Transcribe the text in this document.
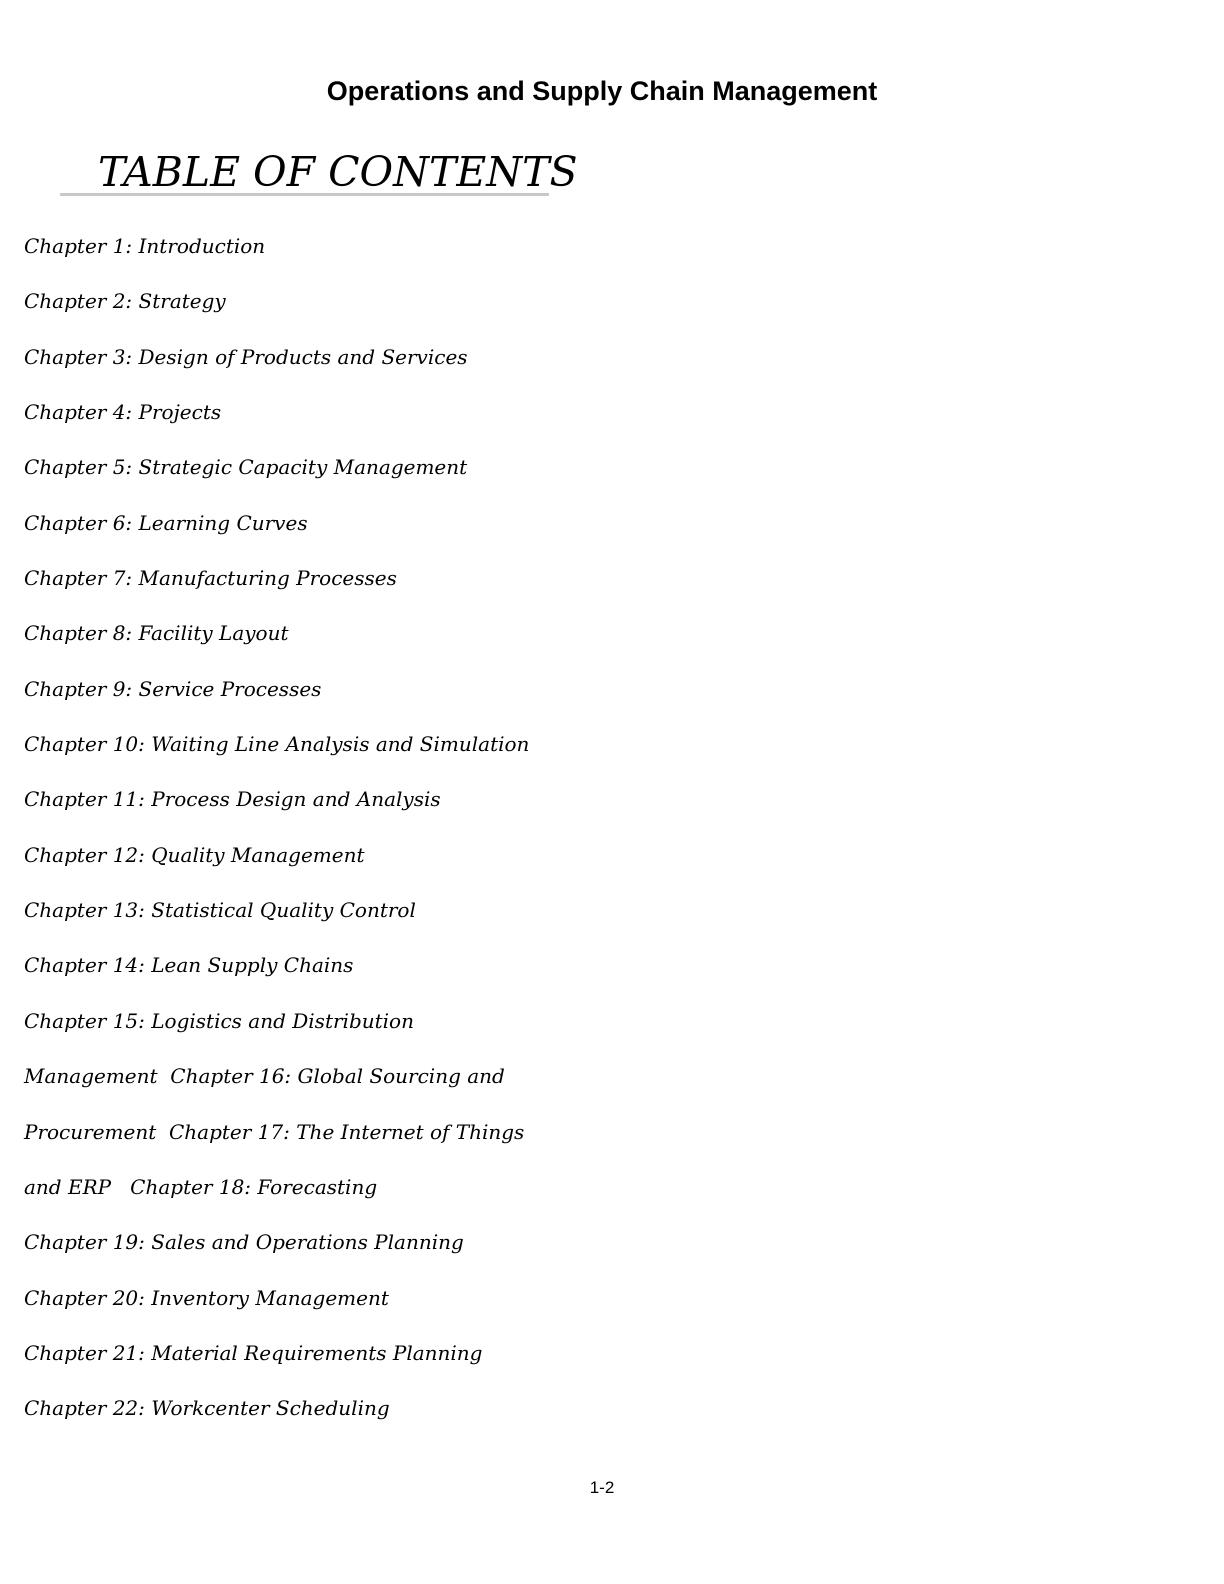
Operations and Supply Chain Management
TABLE OF CONTENTS
Chapter 1: Introduction
Chapter 2: Strategy
Chapter 3: Design of Products and Services
Chapter 4: Projects
Chapter 5: Strategic Capacity Management
Chapter 6: Learning Curves
Chapter 7: Manufacturing Processes
Chapter 8: Facility Layout
Chapter 9: Service Processes
Chapter 10: Waiting Line Analysis and Simulation
Chapter 11: Process Design and Analysis
Chapter 12: Quality Management
Chapter 13: Statistical Quality Control
Chapter 14: Lean Supply Chains
Chapter 15: Logistics and Distribution
Management  Chapter 16: Global Sourcing and
Procurement  Chapter 17: The Internet of Things
and ERP   Chapter 18: Forecasting
Chapter 19: Sales and Operations Planning
Chapter 20: Inventory Management
Chapter 21: Material Requirements Planning
Chapter 22: Workcenter Scheduling
1-2
